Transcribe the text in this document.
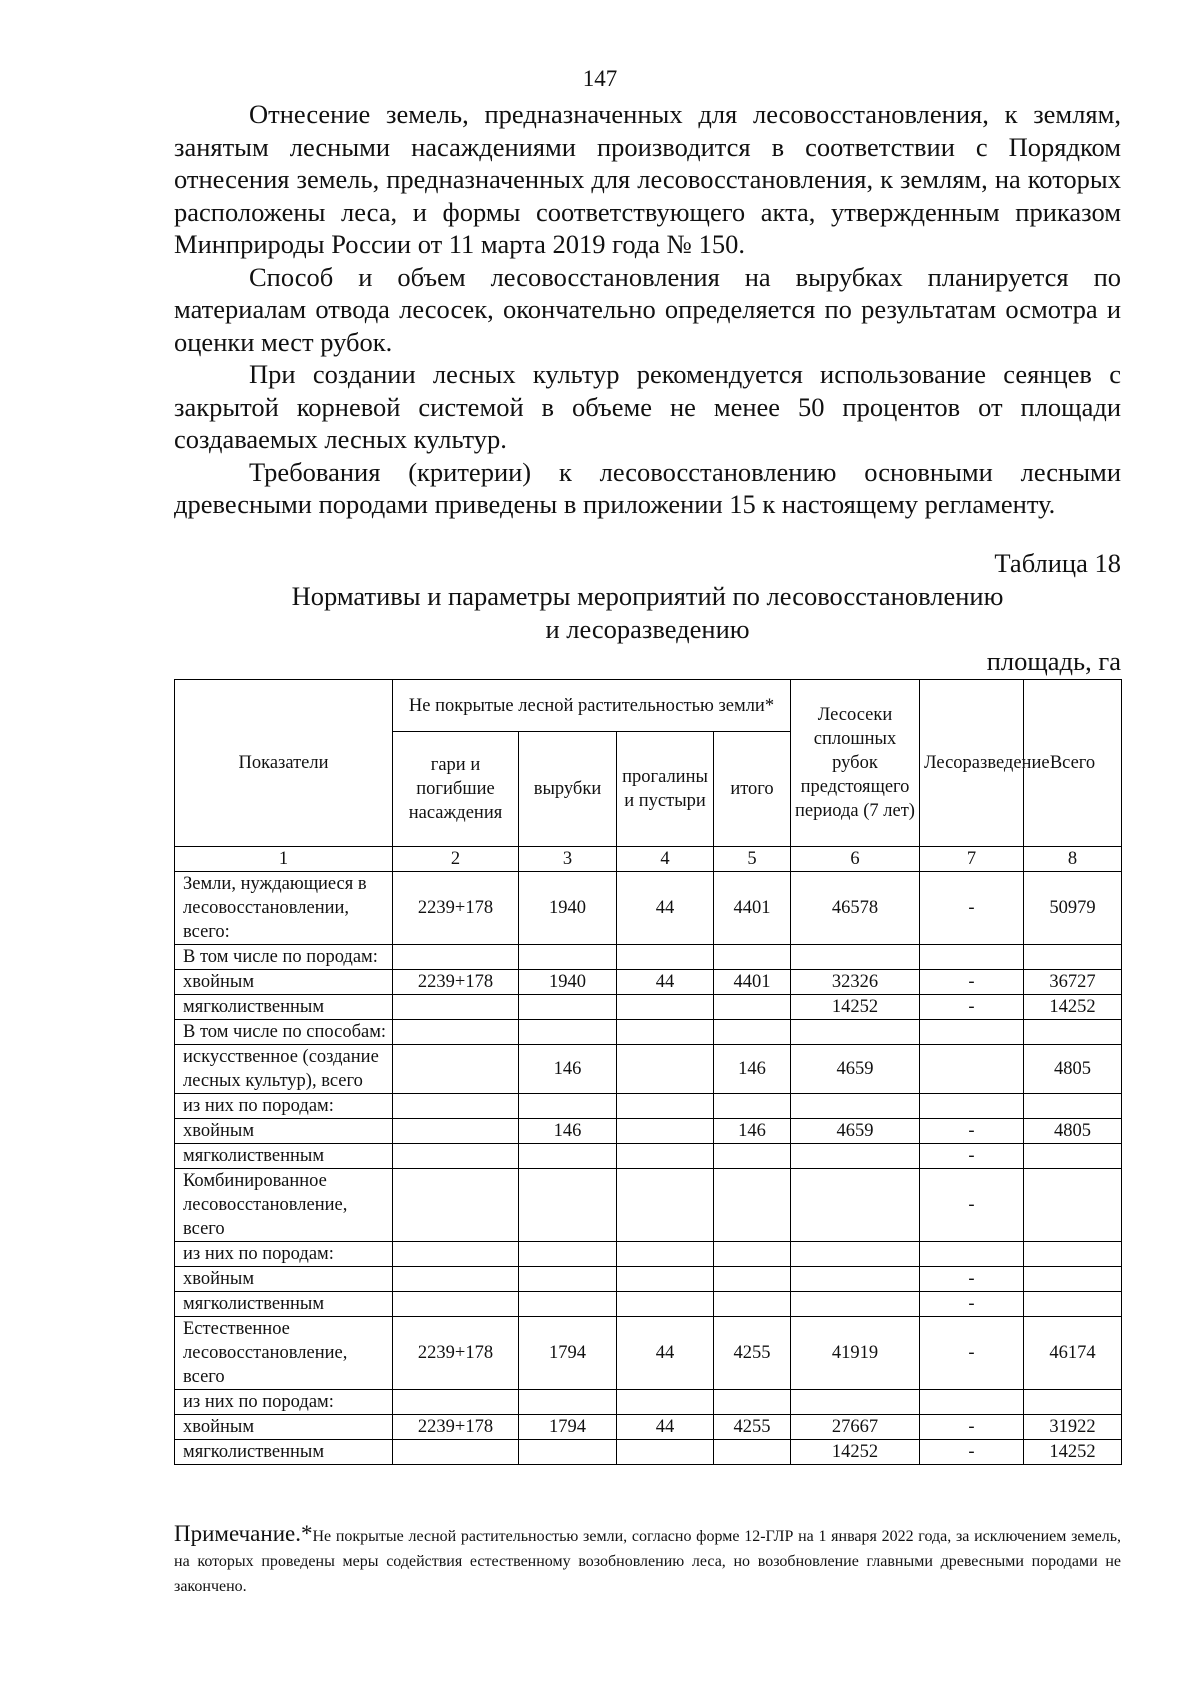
147

Отнесение земель, предназначенных для лесовосстановления, к землям, занятым лесными насаждениями производится в соответствии с Порядком отнесения земель, предназначенных для лесовосстановления, к землям, на которых расположены леса, и формы соответствующего акта, утвержденным приказом Минприроды России от 11 марта 2019 года № 150.

Способ и объем лесовосстановления на вырубках планируется по материалам отвода лесосек, окончательно определяется по результатам осмотра и оценки мест рубок.

При создании лесных культур рекомендуется использование сеянцев с закрытой корневой системой в объеме не менее 50 процентов от площади создаваемых лесных культур.

Требования (критерии) к лесовосстановлению основными лесными древесными породами приведены в приложении 15 к настоящему регламенту.

Таблица 18
Нормативы и параметры мероприятий по лесовосстановлению
и лесоразведению
площадь, га
Показатели	Не покрытые лесной растительностью земли*				Лесосеки сплошных рубок предстоящего периода (7 лет)	Лесоразведение	Всего
	гари и погибшие насаждения	вырубки	прогалины и пустыри	итого			
1	2	3	4	5	6	7	8
Земли, нуждающиеся в лесовосстановлении, всего:	2239+178	1940	44	4401	46578	-	50979
В том числе по породам:							
хвойным	2239+178	1940	44	4401	32326	-	36727
мягколиственным					14252	-	14252
В том числе по способам:							
искусственное (создание лесных культур), всего		146		146	4659		4805
из них по породам:							
хвойным		146		146	4659	-	4805
мягколиственным						-	
Комбинированное лесовосстановление, всего						-	
из них по породам:							
хвойным						-	
мягколиственным						-	
Естественное лесовосстановление, всего	2239+178	1794	44	4255	41919	-	46174
из них по породам:							
хвойным	2239+178	1794	44	4255	27667	-	31922
мягколиственным					14252	-	14252
Примечание.*Не покрытые лесной растительностью земли, согласно форме 12-ГЛР на 1 января 2022 года, за исключением земель, на которых проведены меры содействия естественному возобновлению леса, но возобновление главными древесными породами не закончено.
